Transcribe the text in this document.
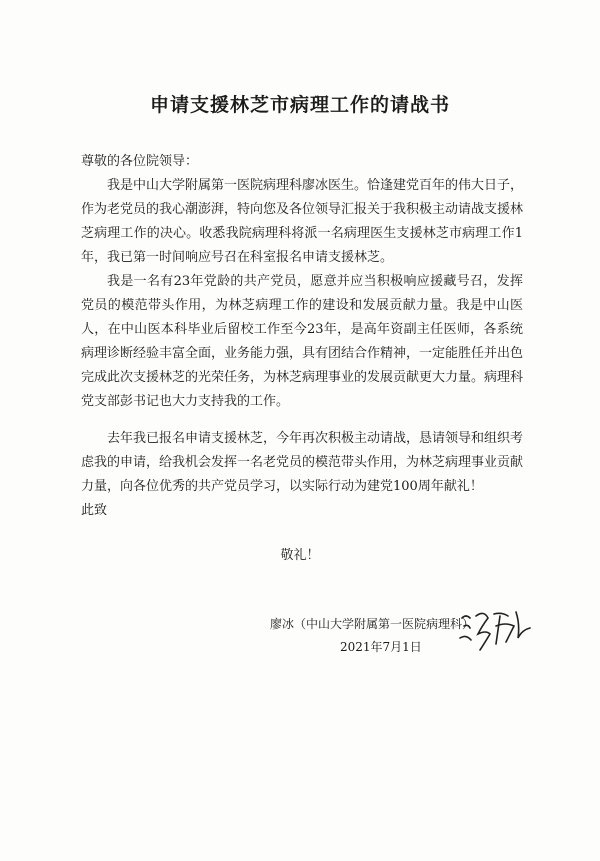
申请支援林芝市病理工作的请战书
尊敬的各位院领导：

我是中山大学附属第一医院病理科廖冰医生。恰逢建党百年的伟大日子，作为老党员的我心潮澎湃，特向您及各位领导汇报关于我积极主动请战支援林芝病理工作的决心。收悉我院病理科将派一名病理医生支援林芝市病理工作1年，我已第一时间响应号召在科室报名申请支援林芝。

我是一名有23年党龄的共产党员，愿意并应当积极响应援藏号召，发挥党员的模范带头作用，为林芝病理工作的建设和发展贡献力量。我是中山医人，在中山医本科毕业后留校工作至今23年，是高年资副主任医师，各系统病理诊断经验丰富全面，业务能力强，具有团结合作精神，一定能胜任并出色完成此次支援林芝的光荣任务，为林芝病理事业的发展贡献更大力量。病理科党支部彭书记也大力支持我的工作。

去年我已报名申请支援林芝，今年再次积极主动请战，恳请领导和组织考虑我的申请，给我机会发挥一名老党员的模范带头作用，为林芝病理事业贡献力量，向各位优秀的共产党员学习，以实际行动为建党100周年献礼！

此致
敬礼！
廖冰（中山大学附属第一医院病理科）
2021年7月1日
